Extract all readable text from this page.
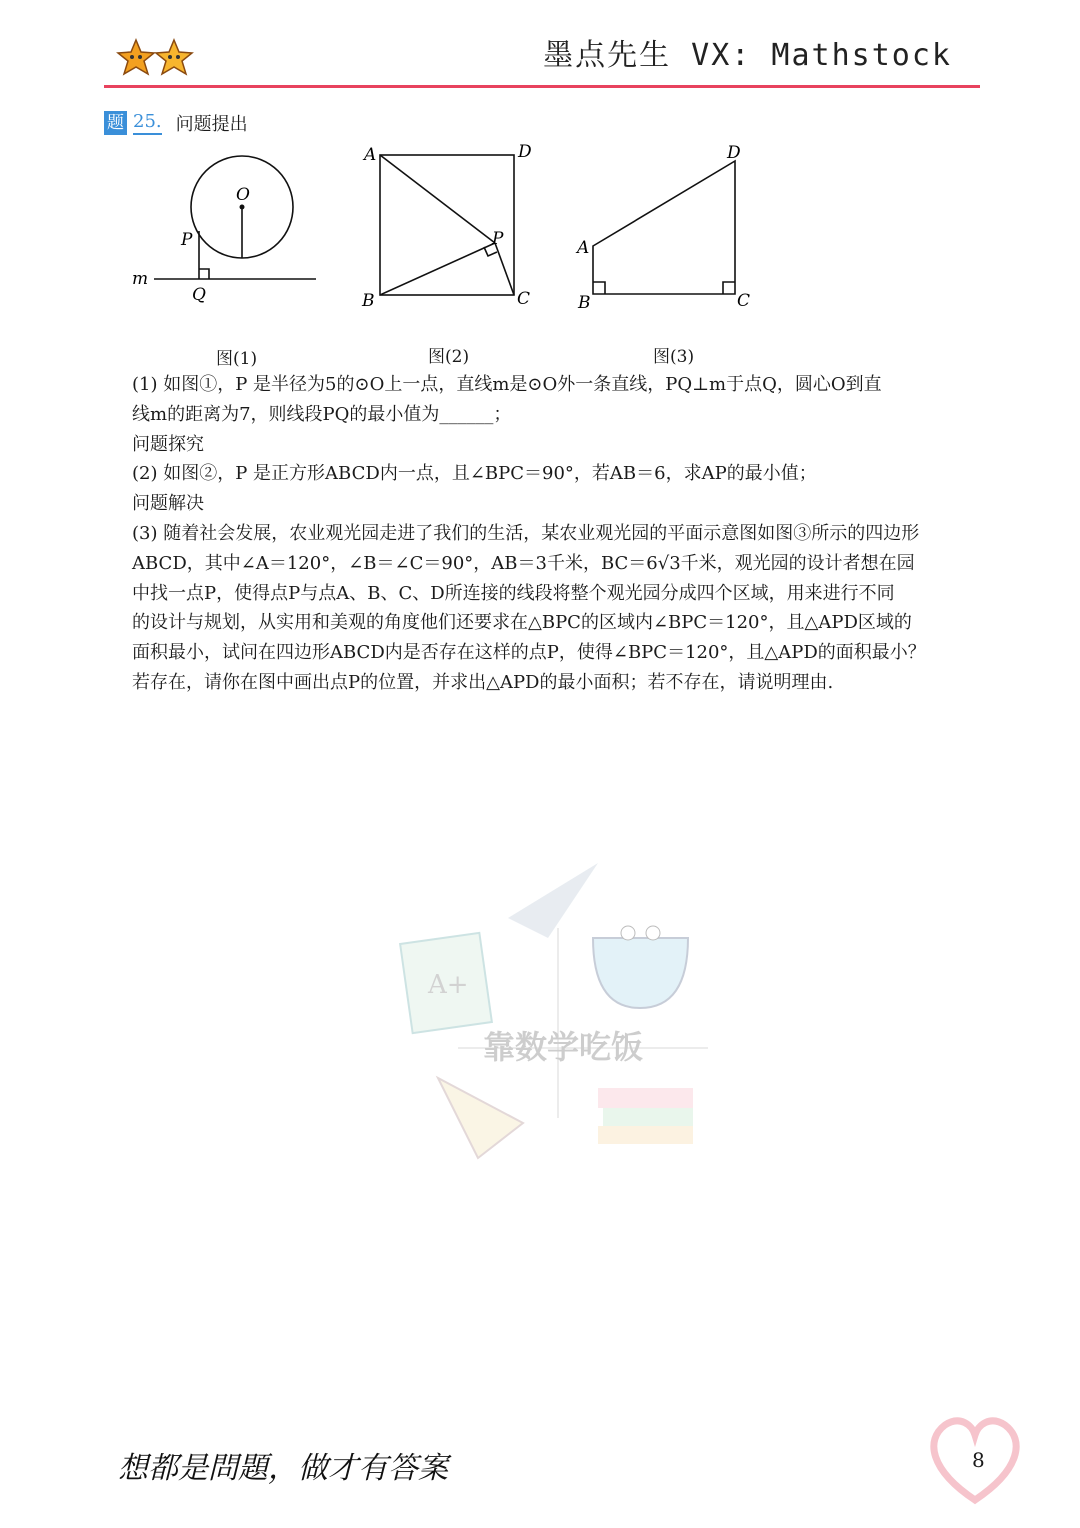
墨点先生 VX: Mathstock
题 25. 问题提出
O
P
m
Q
A	D
P
B	C
D
A
B	C
图(1)	图(2)	图(3)

(1) 如图①，P 是半径为5的⊙O上一点，直线m是⊙O外一条直线，PQ⊥m于点Q，圆心O到直

线m的距离为7，则线段PQ的最小值为______；

问题探究

(2) 如图②，P 是正方形ABCD内一点，且∠BPC＝90°，若AB＝6，求AP的最小值；

问题解决

(3) 随着社会发展，农业观光园走进了我们的生活，某农业观光园的平面示意图如图③所示的四边形

ABCD，其中∠A＝120°，∠B＝∠C＝90°，AB＝3千米，BC＝6√3千米，观光园的设计者想在园

中找一点P，使得点P与点A、B、C、D所连接的线段将整个观光园分成四个区域，用来进行不同

的设计与规划，从实用和美观的角度他们还要求在△BPC的区域内∠BPC＝120°，且△APD区域的

面积最小，试问在四边形ABCD内是否存在这样的点P，使得∠BPC＝120°，且△APD的面积最小？

若存在，请你在图中画出点P的位置，并求出△APD的最小面积；若不存在，请说明理由.

A+
靠数学吃饭
想都是問題，做才有答案	8
